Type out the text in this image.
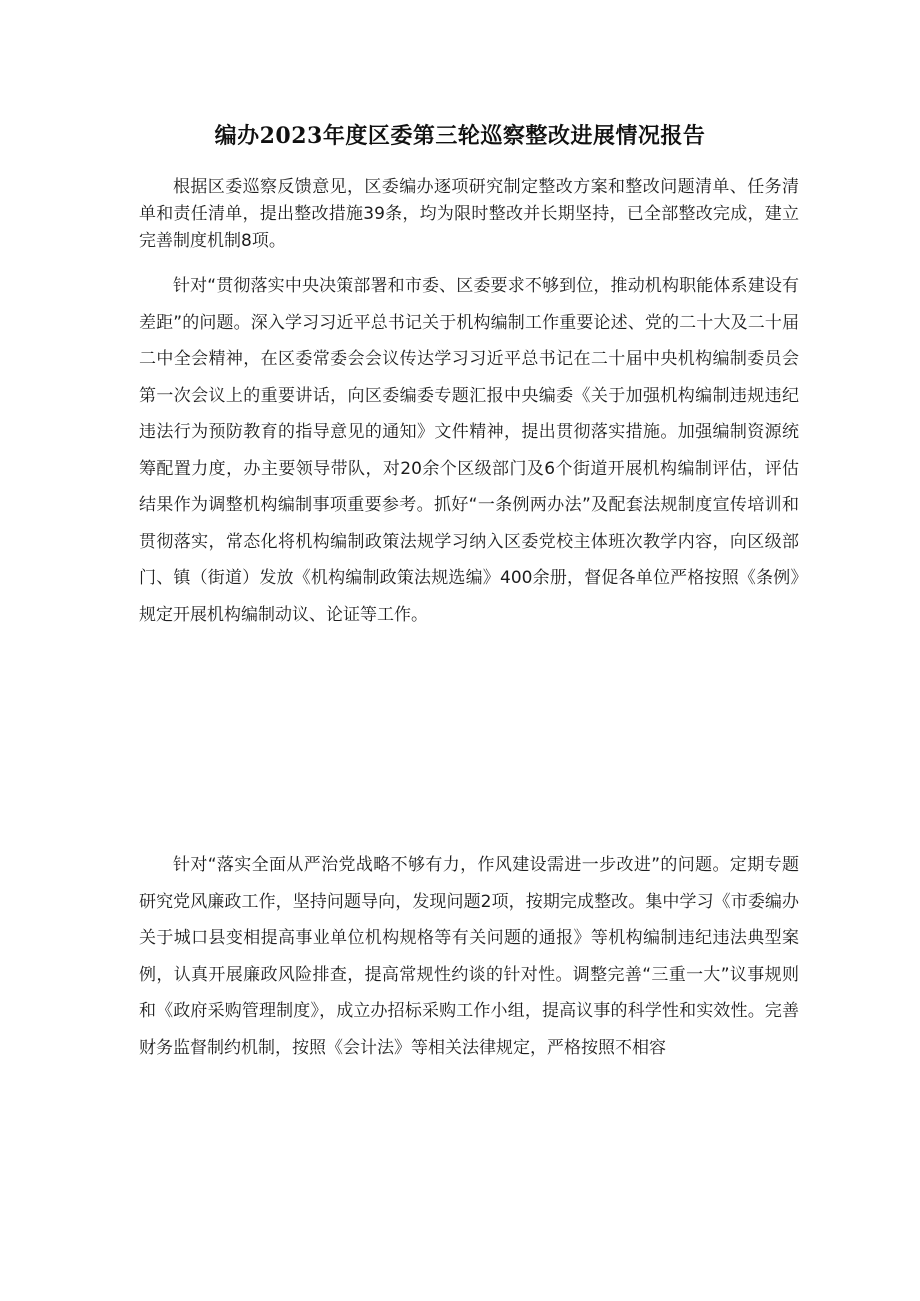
编办2023年度区委第三轮巡察整改进展情况报告

根据区委巡察反馈意见，区委编办逐项研究制定整改方案和整改问题清单、任务清单和责任清单，提出整改措施39条，均为限时整改并长期坚持，已全部整改完成，建立完善制度机制8项。

针对“贯彻落实中央决策部署和市委、区委要求不够到位，推动机构职能体系建设有差距”的问题。深入学习习近平总书记关于机构编制工作重要论述、党的二十大及二十届二中全会精神，在区委常委会会议传达学习习近平总书记在二十届中央机构编制委员会第一次会议上的重要讲话，向区委编委专题汇报中央编委《关于加强机构编制违规违纪违法行为预防教育的指导意见的通知》文件精神，提出贯彻落实措施。加强编制资源统筹配置力度，办主要领导带队，对20余个区级部门及6个街道开展机构编制评估，评估结果作为调整机构编制事项重要参考。抓好“一条例两办法”及配套法规制度宣传培训和贯彻落实，常态化将机构编制政策法规学习纳入区委党校主体班次教学内容，向区级部门、镇（街道）发放《机构编制政策法规选编》400余册，督促各单位严格按照《条例》规定开展机构编制动议、论证等工作。

针对“落实全面从严治党战略不够有力，作风建设需进一步改进”的问题。定期专题研究党风廉政工作，坚持问题导向，发现问题2项，按期完成整改。集中学习《市委编办关于城口县变相提高事业单位机构规格等有关问题的通报》等机构编制违纪违法典型案例，认真开展廉政风险排查，提高常规性约谈的针对性。调整完善“三重一大”议事规则和《政府采购管理制度》，成立办招标采购工作小组，提高议事的科学性和实效性。完善财务监督制约机制，按照《会计法》等相关法律规定，严格按照不相容
